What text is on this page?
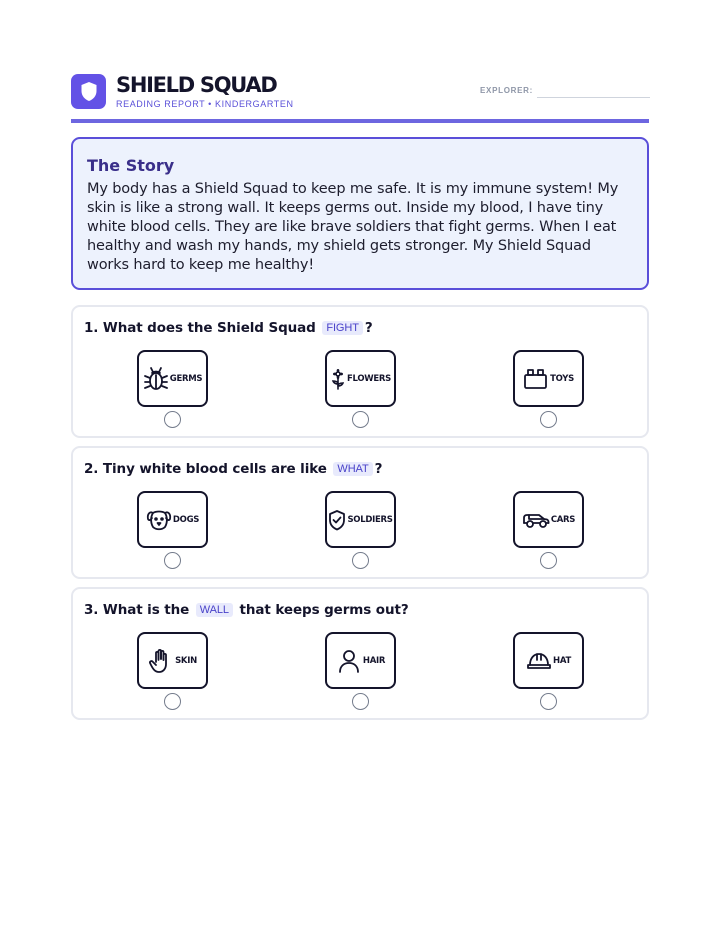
SHIELD SQUAD
READING REPORT • KINDERGARTEN
EXPLORER:
The Story
My body has a Shield Squad to keep me safe. It is my immune system! My skin is like a strong wall. It keeps germs out. Inside my blood, I have tiny white blood cells. They are like brave soldiers that fight germs. When I eat healthy and wash my hands, my shield gets stronger. My Shield Squad works hard to keep me healthy!
1. What does the Shield Squad FIGHT ?
GERMS	FLOWERS	TOYS
2. Tiny white blood cells are like WHAT ?
DOGS	SOLDIERS	CARS
3. What is the WALL that keeps germs out?
SKIN	HAIR	HAT
